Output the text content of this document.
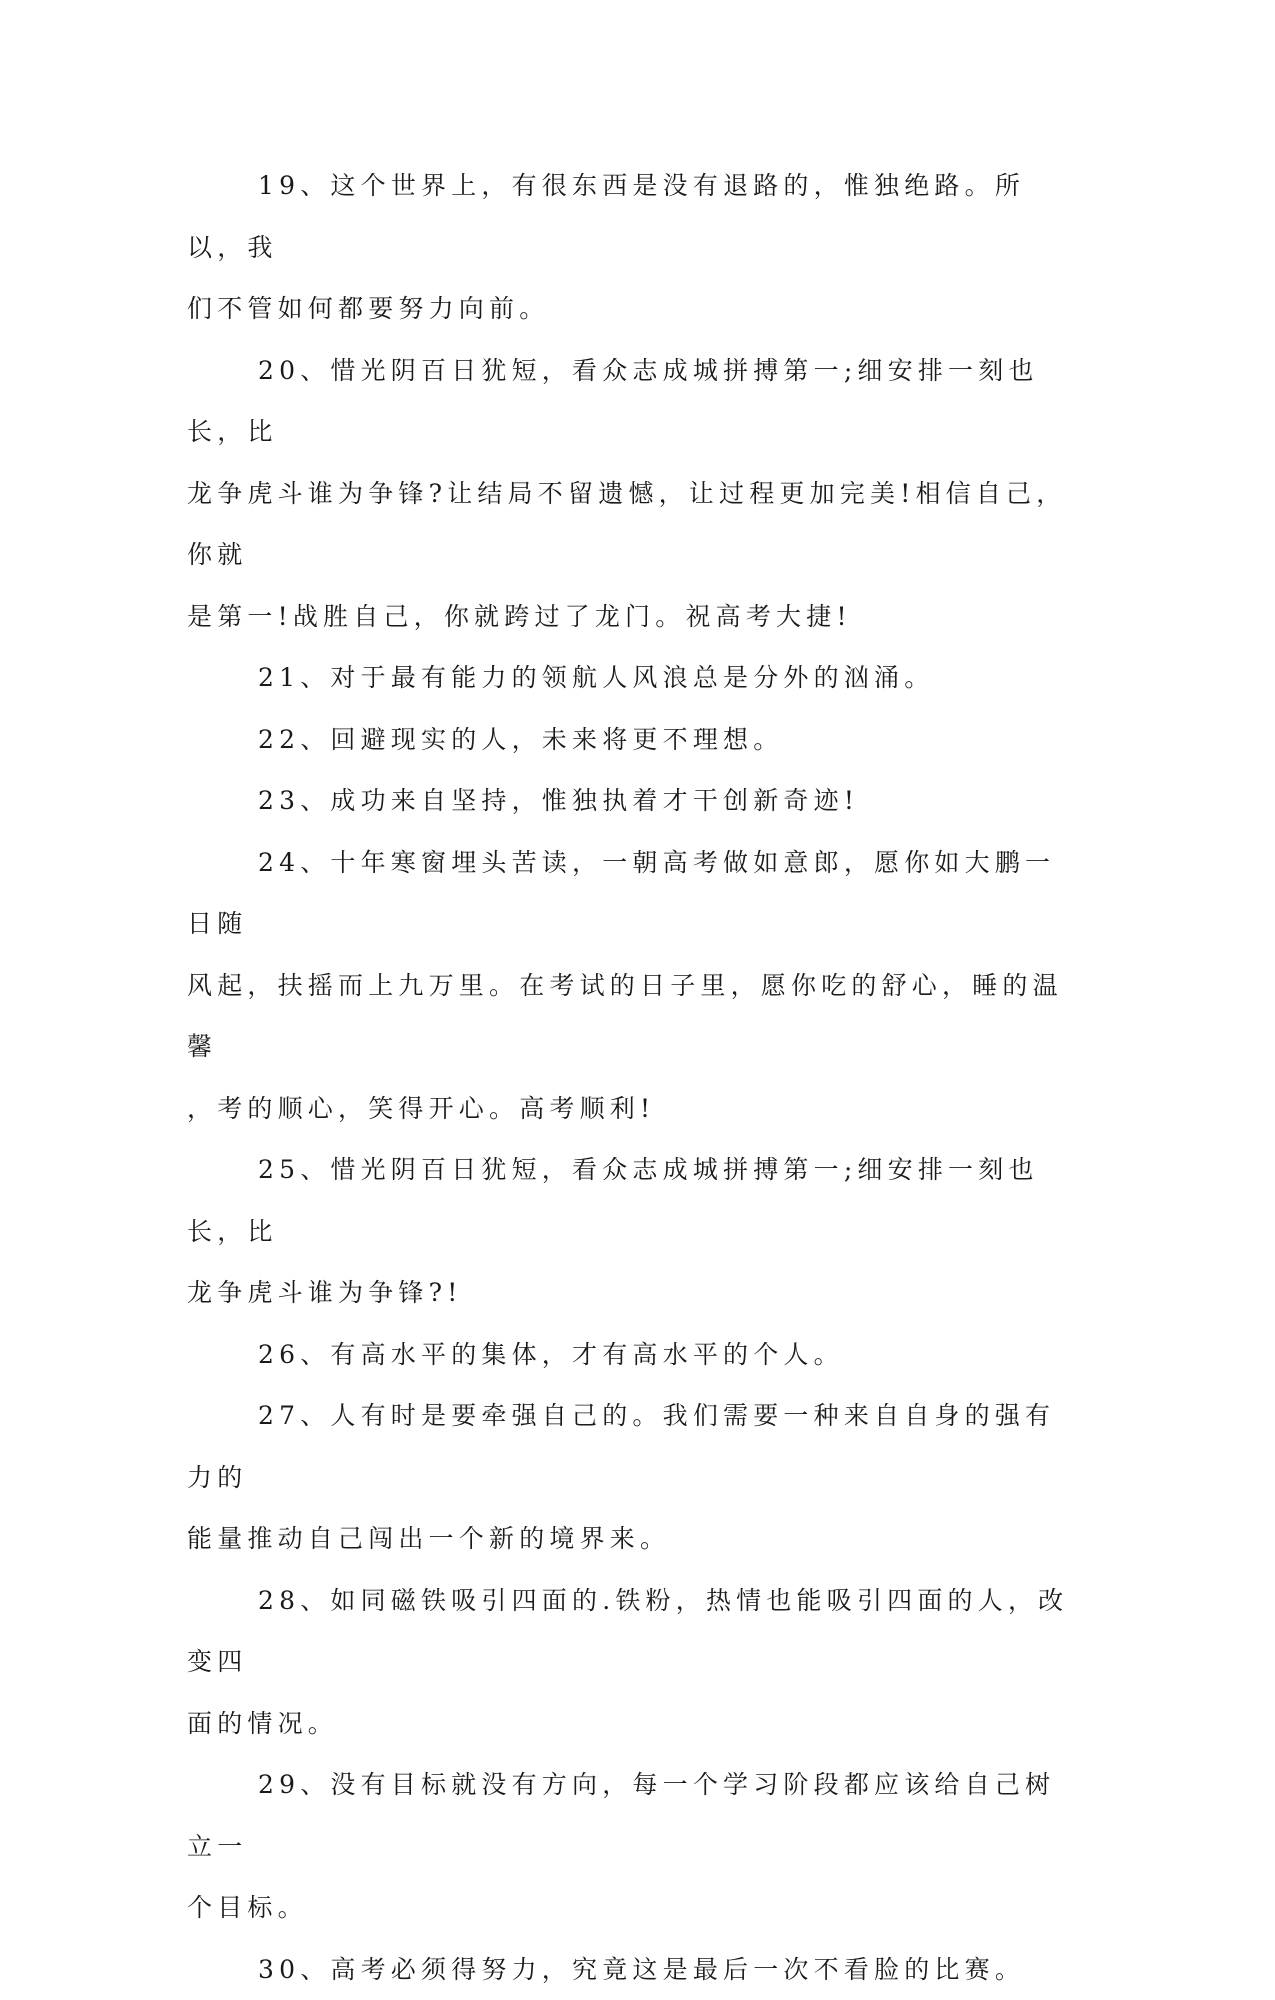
19、这个世界上，有很东西是没有退路的，惟独绝路。所以，我
们不管如何都要努力向前。

20、惜光阴百日犹短，看众志成城拼搏第一;细安排一刻也长，比
龙争虎斗谁为争锋?让结局不留遗憾，让过程更加完美!相信自己，你就
是第一!战胜自己，你就跨过了龙门。祝高考大捷!

21、对于最有能力的领航人风浪总是分外的汹涌。

22、回避现实的人，未来将更不理想。

23、成功来自坚持，惟独执着才干创新奇迹!

24、十年寒窗埋头苦读，一朝高考做如意郎，愿你如大鹏一日随
风起，扶摇而上九万里。在考试的日子里，愿你吃的舒心，睡的温馨
，考的顺心，笑得开心。高考顺利!

25、惜光阴百日犹短，看众志成城拼搏第一;细安排一刻也长，比
龙争虎斗谁为争锋?!

26、有高水平的集体，才有高水平的个人。

27、人有时是要牵强自己的。我们需要一种来自自身的强有力的
能量推动自己闯出一个新的境界来。

28、如同磁铁吸引四面的.铁粉，热情也能吸引四面的人，改变四
面的情况。

29、没有目标就没有方向，每一个学习阶段都应该给自己树立一
个目标。

30、高考必须得努力，究竟这是最后一次不看脸的比赛。
